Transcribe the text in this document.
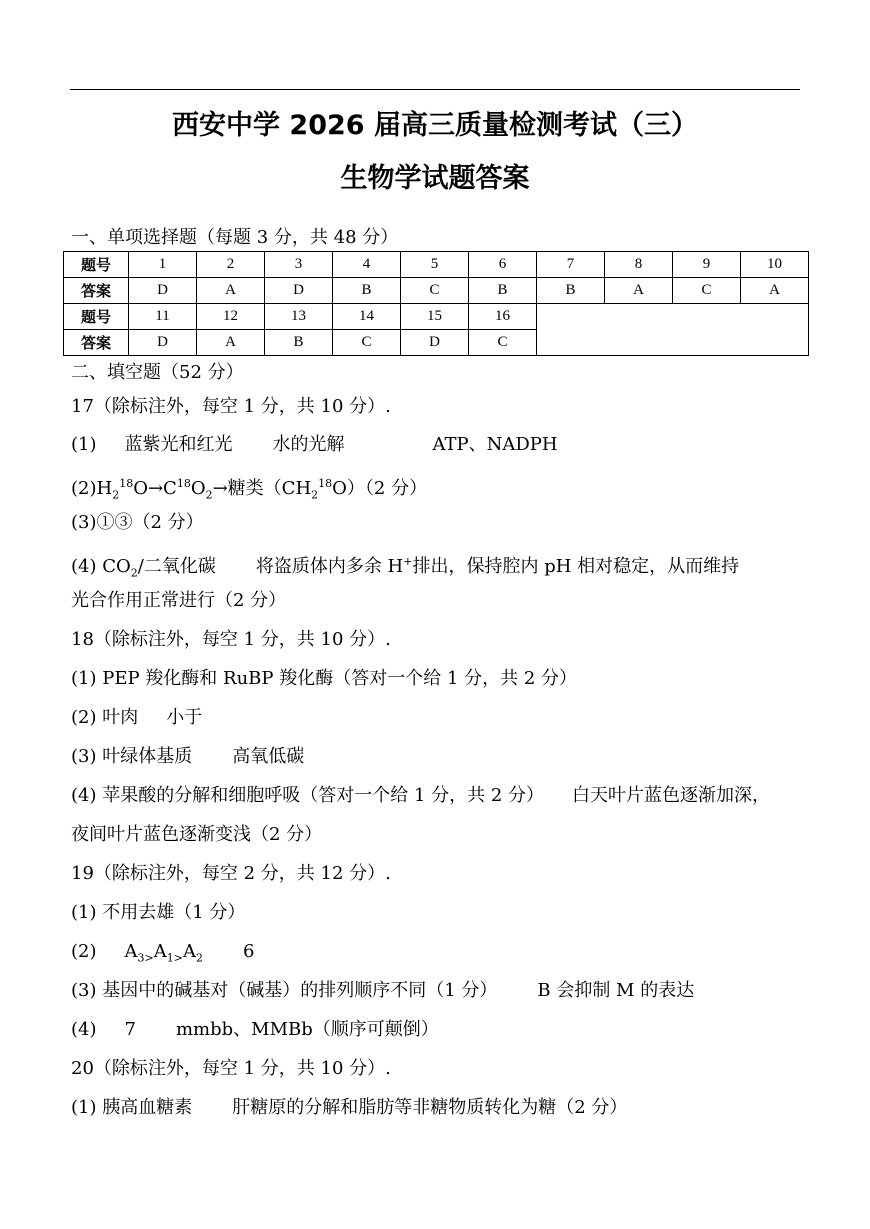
西安中学 2026 届高三质量检测考试（三）
生物学试题答案
一、单项选择题（每题 3 分，共 48 分）
题号	1	2	3	4	5	6	7	8	9	10
答案	D	A	D	B	C	B	B	A	C	A
题号	11	12	13	14	15	16				
答案	D	A	B	C	D	C				
二、填空题（52 分）
17（除标注外，每空 1 分，共 10 分）.
(1) 蓝紫光和红光 水的光解	ATP、NADPH
$(2)H_2^{18}O\to C^{18}O_2\to$糖类$(CH_2^{18}O)(2$ 分）
(3)①③（2 分）
(4) $CO_2/$二氧化碳 将盗质体内多余 H+排出，保持腔内 pH 相对稳定，从而维持
光合作用正常进行（2 分）
18（除标注外，每空 1 分，共 10 分）.
(1) PEP 羧化酶和 RuBP 羧化酶（答对一个给 1 分，共 2 分）
(2) 叶肉 小于
(3) 叶绿体基质 高氧低碳
(4) 苹果酸的分解和细胞呼吸（答对一个给 1 分，共 2 分） 白天叶片蓝色逐渐加深，
夜间叶片蓝色逐渐变浅（2 分）
19（除标注外，每空 2 分，共 12 分）.
(1) 不用去雄（1 分）
(2) $A_{3>}A_{1>}A_2$ 6
(3) 基因中的碱基对（碱基）的排列顺序不同（1 分） B 会抑制 M 的表达
(4) 7 mmbb、MMBb（顺序可颠倒）
20（除标注外，每空 1 分，共 10 分）.
(1) 胰高血糖素 肝糖原的分解和脂肪等非糖物质转化为糖（2 分）
